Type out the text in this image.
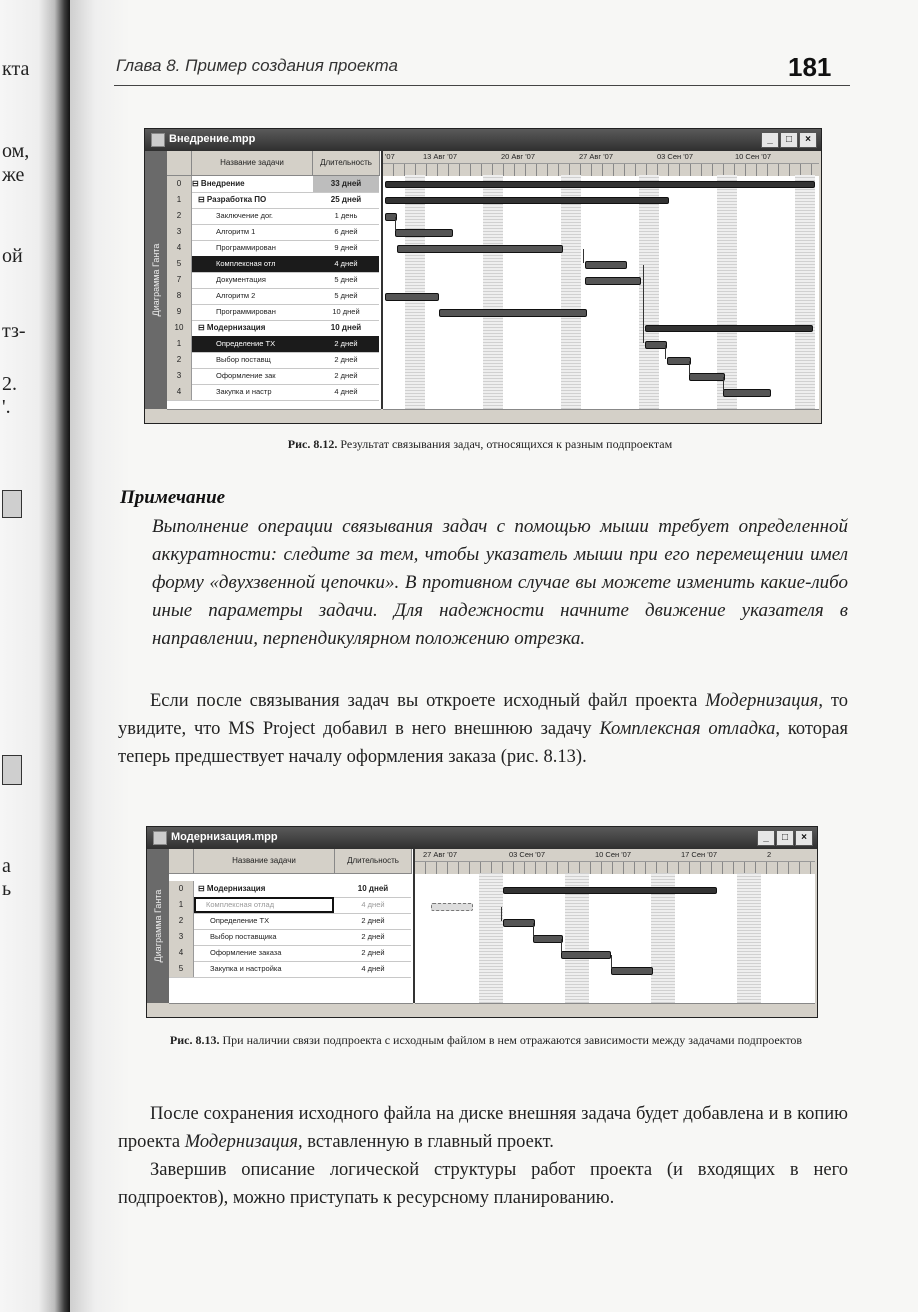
кта
ом,
же
ой
тз-
2.
'.
а
ь
Глава 8. Пример создания проекта	181
Внедрение.mpp	_	□	×
Диаграмма Ганта
Название задачи	Длительность
0	⊟ Внедрение	33 дней
1	⊟ Разработка ПО	25 дней
2	Заключение дог.	1 день
3	Алгоритм 1	6 дней
4	Программирован	9 дней
5	Комплексная отл	4 дней
7	Документация	5 дней
8	Алгоритм 2	5 дней
9	Программирован	10 дней
10	⊟ Модернизация	10 дней
1	Определение ТХ	2 дней
2	Выбор поставщ	2 дней
3	Оформление зак	2 дней
4	Закупка и настр	4 дней
'07	13 Авг '07	20 Авг '07	27 Авг '07	03 Сен '07	10 Сен '07
Рис. 8.12. Результат связывания задач, относящихся к разным подпроектам
Примечание
Выполнение операции связывания задач с помощью мыши требует определенной аккуратности: следите за тем, чтобы указатель мыши при его перемещении имел форму «двухзвенной цепочки». В противном случае вы можете изменить какие-либо иные параметры задачи. Для надежности начните движение указателя в направлении, перпендикулярном положению отрезка.
Если после связывания задач вы откроете исходный файл проекта Модернизация, то увидите, что MS Project добавил в него внешнюю задачу Комплексная отладка, которая теперь предшествует началу оформления заказа (рис. 8.13).
Модернизация.mpp	_	□	×
Диаграмма Ганта
Название задачи	Длительность
0	⊟ Модернизация	10 дней
1	Комплексная отлад	4 дней
2	Определение ТХ	2 дней
3	Выбор поставщика	2 дней
4	Оформление заказа	2 дней
5	Закупка и настройка	4 дней
27 Авг '07	03 Сен '07	10 Сен '07	17 Сен '07	2
Рис. 8.13. При наличии связи подпроекта с исходным файлом в нем отражаются зависимости между задачами подпроектов
После сохранения исходного файла на диске внешняя задача будет добавлена и в копию проекта Модернизация, вставленную в главный проект.
Завершив описание логической структуры работ проекта (и входящих в него подпроектов), можно приступать к ресурсному планированию.
